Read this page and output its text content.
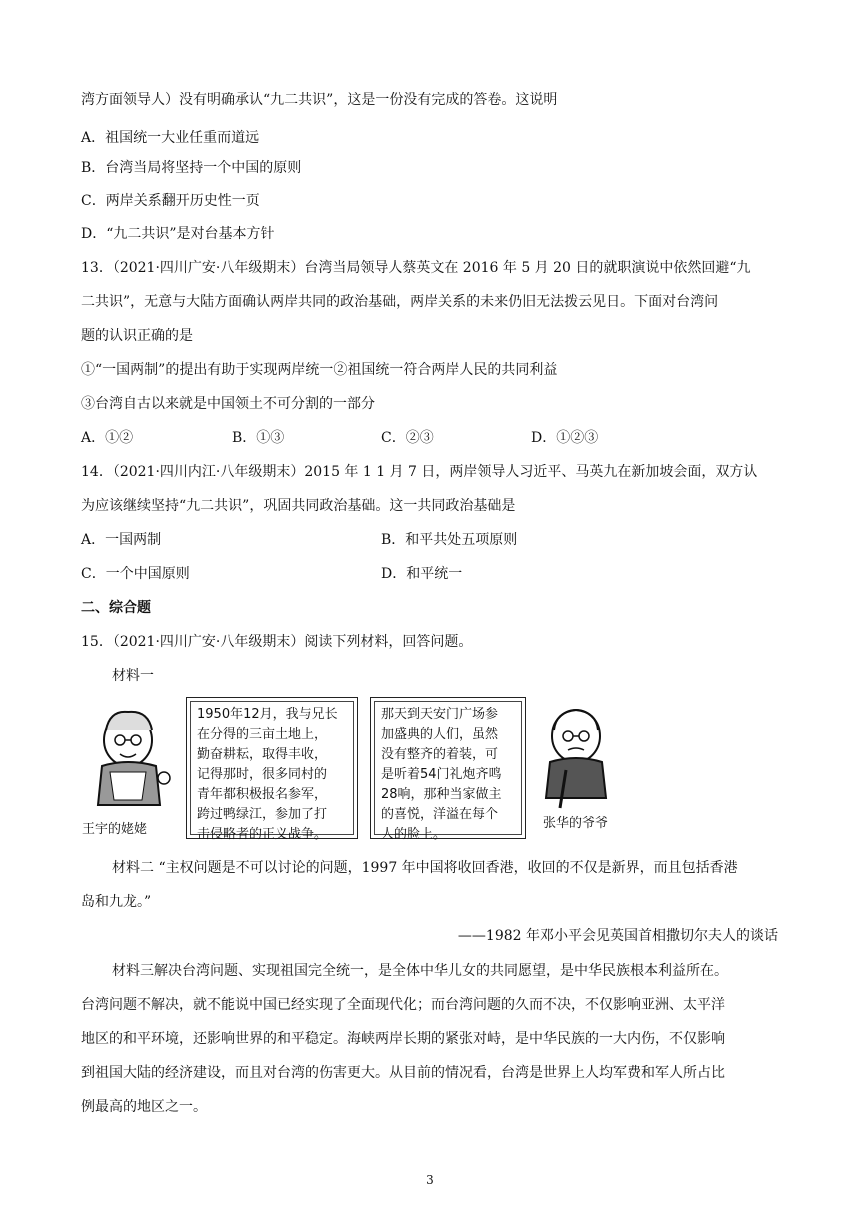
湾方面领导人）没有明确承认“九二共识”，这是一份没有完成的答卷。这说明
A．祖国统一大业任重而道远
B．台湾当局将坚持一个中国的原则
C．两岸关系翻开历史性一页
D．“九二共识”是对台基本方针
13．（2021·四川广安·八年级期末）台湾当局领导人蔡英文在 2016 年 5 月 20 日的就职演说中依然回避“九
二共识”，无意与大陆方面确认两岸共同的政治基础，两岸关系的未来仍旧无法拨云见日。下面对台湾问
题的认识正确的是
①“一国两制”的提出有助于实现两岸统一②祖国统一符合两岸人民的共同利益
③台湾自古以来就是中国领土不可分割的一部分
A．①②	B．①③	C．②③	D．①②③
14．（2021·四川内江·八年级期末）2015 年 1 1 月 7 日，两岸领导人习近平、马英九在新加坡会面，双方认
为应该继续坚持“九二共识”，巩固共同政治基础。这一共同政治基础是
A．一国两制	B．和平共处五项原则
C．一个中国原则	D．和平统一
二、综合题
15．（2021·四川广安·八年级期末）阅读下列材料，回答问题。
材料一
王宇的姥姥
1950年12月，我与兄长
在分得的三亩土地上，
勤奋耕耘，取得丰收，
记得那时，很多同村的
青年都积极报名参军，
跨过鸭绿江，参加了打
击侵略者的正义战争。
那天到天安门广场参
加盛典的人们，虽然
没有整齐的着装，可
是听着54门礼炮齐鸣
28响，那种当家做主
的喜悦，洋溢在每个
人的脸上。
张华的爷爷
材料二 “主权问题是不可以讨论的问题，1997 年中国将收回香港，收回的不仅是新界，而且包括香港
岛和九龙。”
——1982 年邓小平会见英国首相撒切尔夫人的谈话
材料三解决台湾问题、实现祖国完全统一，是全体中华儿女的共同愿望，是中华民族根本利益所在。
台湾问题不解决，就不能说中国已经实现了全面现代化；而台湾问题的久而不决，不仅影响亚洲、太平洋
地区的和平环境，还影响世界的和平稳定。海峡两岸长期的紧张对峙，是中华民族的一大内伤，不仅影响
到祖国大陆的经济建设，而且对台湾的伤害更大。从目前的情况看，台湾是世界上人均军费和军人所占比
例最高的地区之一。
3
